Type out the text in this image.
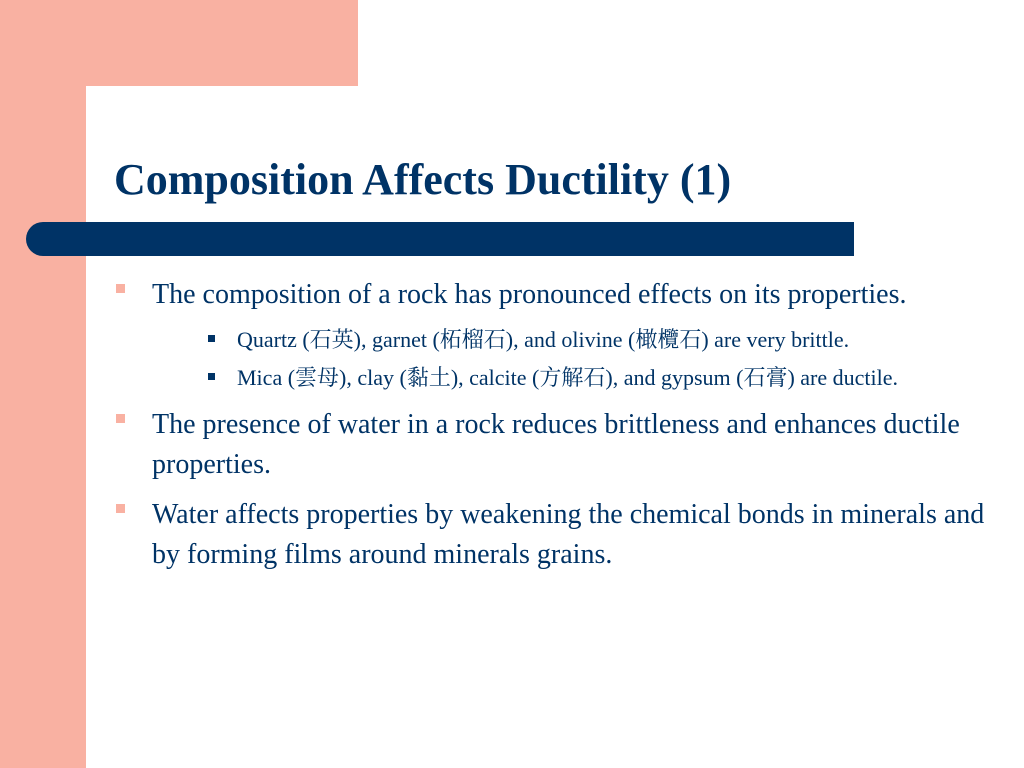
Composition Affects Ductility (1)
The composition of a rock has pronounced effects on its properties.
Quartz (石英), garnet (柘榴石), and olivine (橄欖石) are very brittle.
Mica (雲母), clay (黏土), calcite (方解石), and gypsum (石膏) are ductile.
The presence of water in a rock reduces brittleness and enhances ductile properties.
Water affects properties by weakening the chemical bonds in minerals and by forming films around minerals grains.
